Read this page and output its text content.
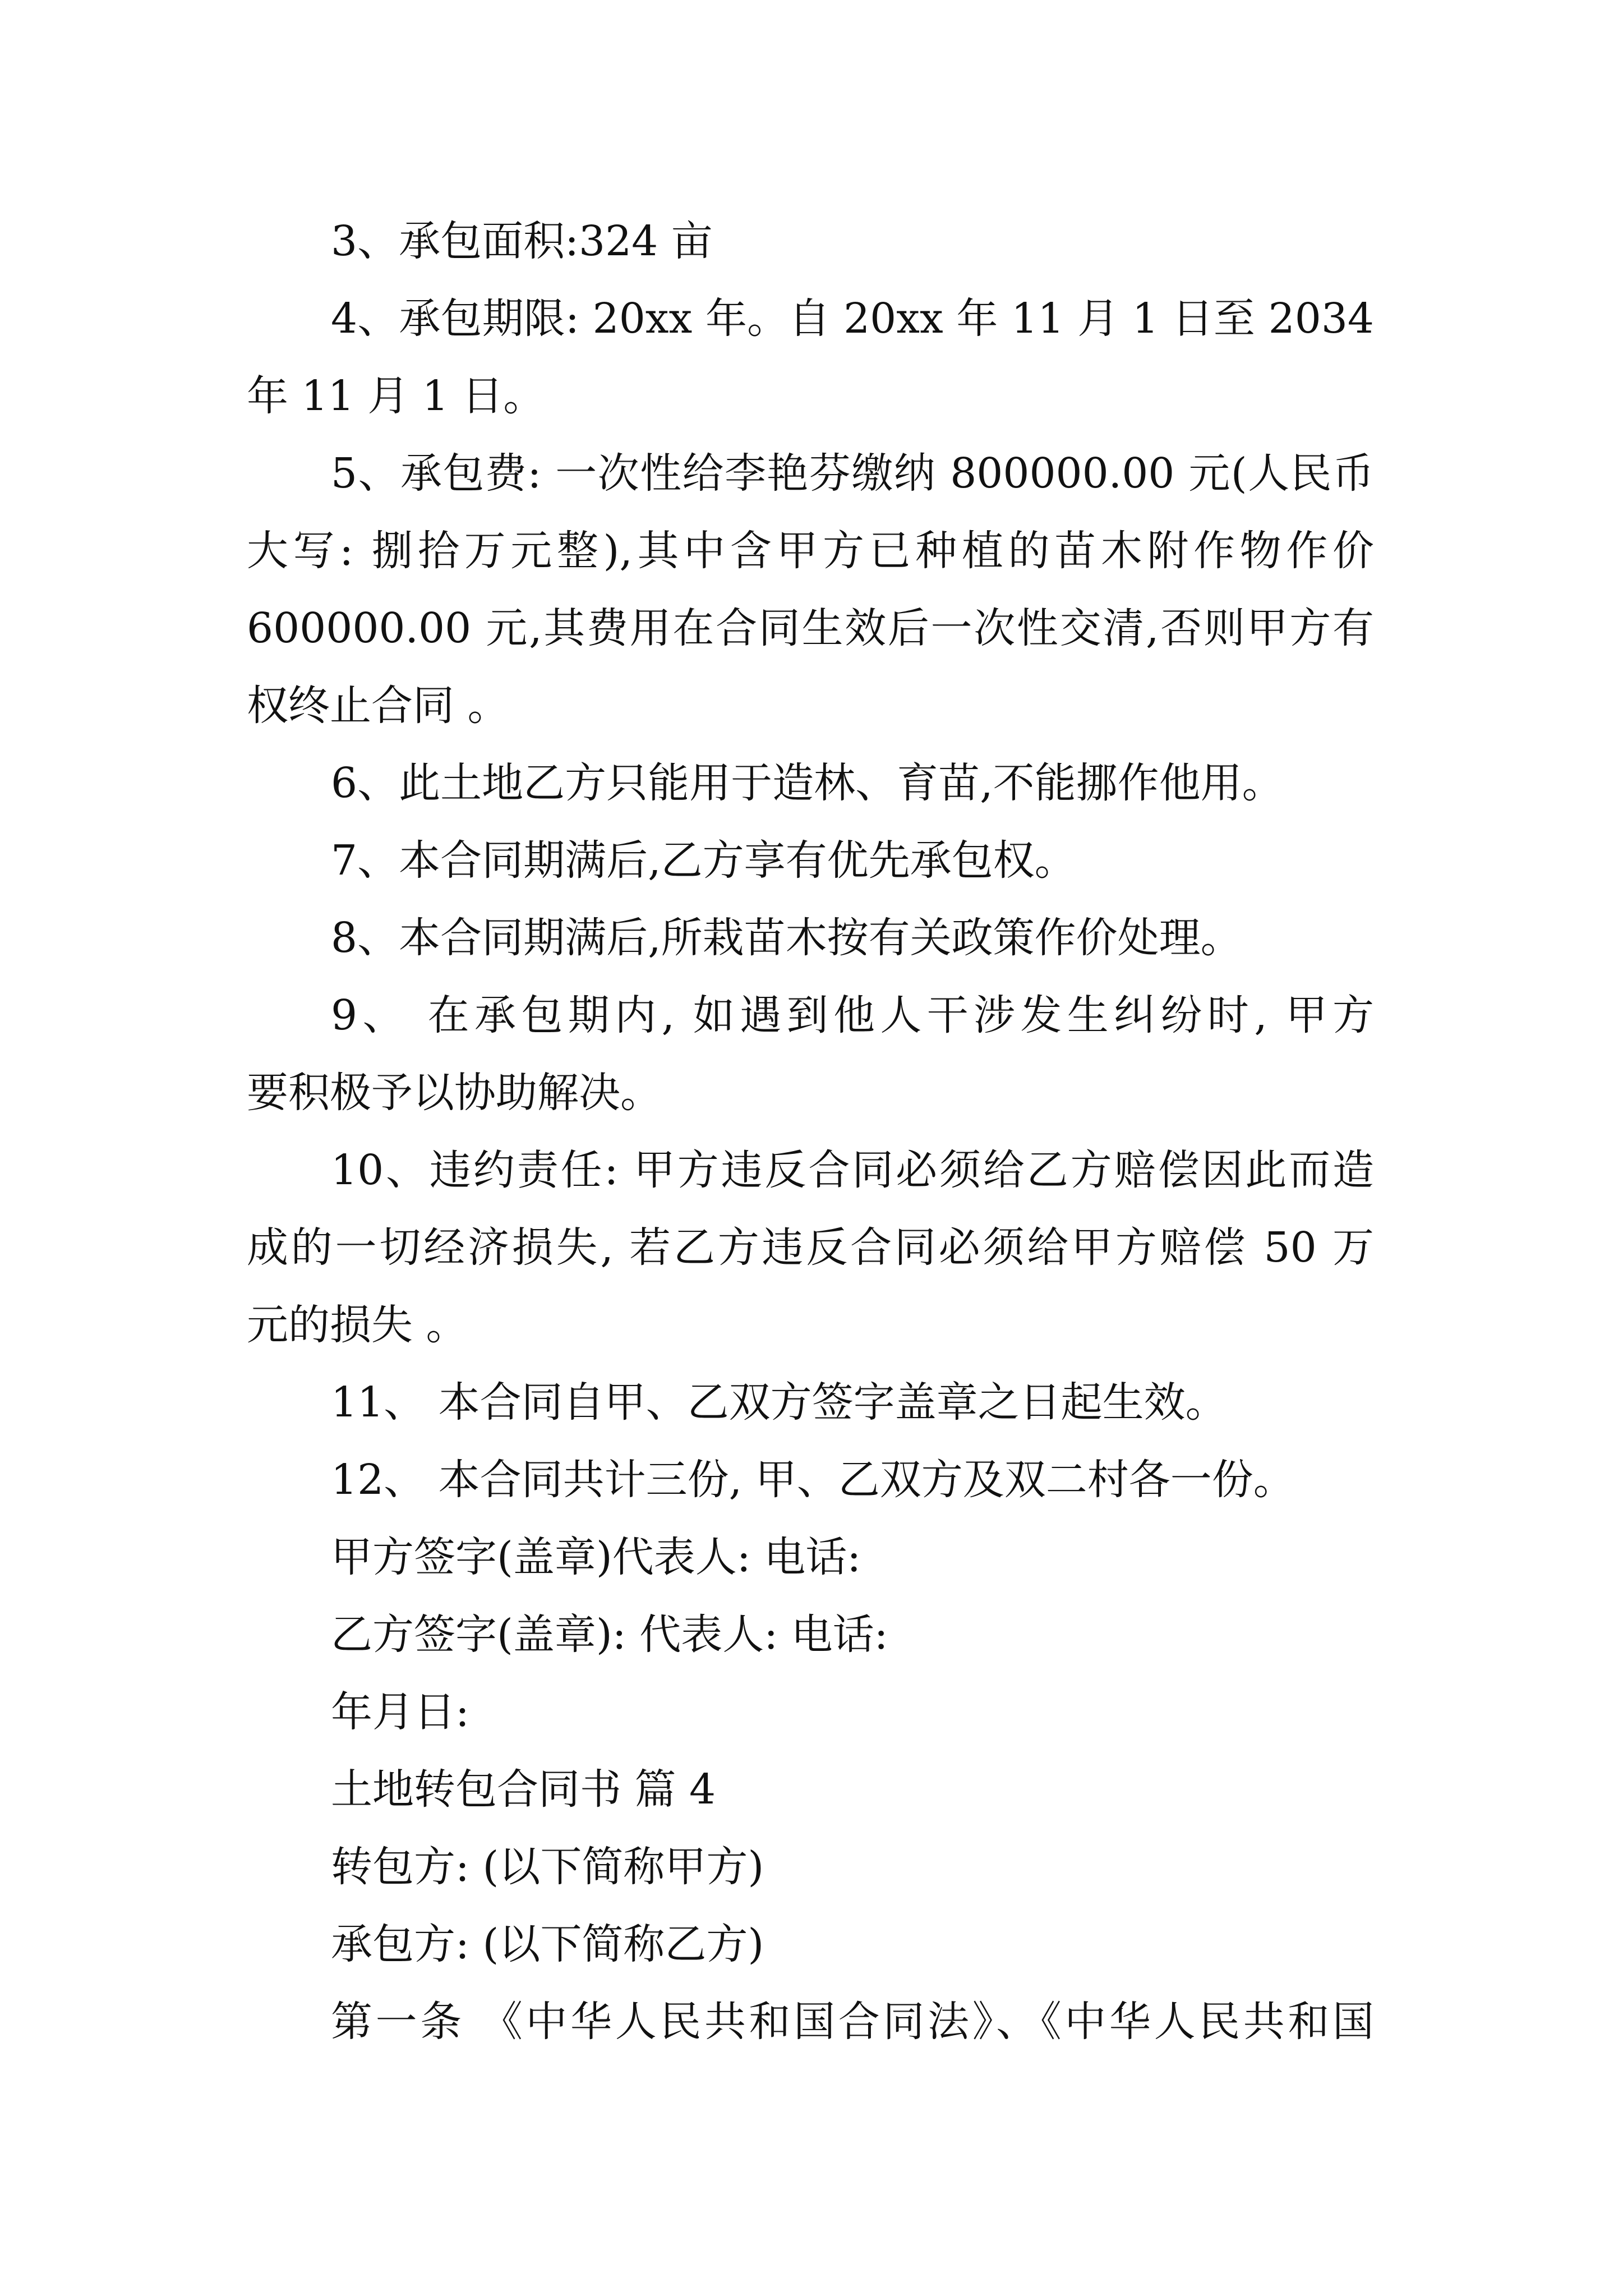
3、承包面积:324 亩
4、承包期限: 20xx 年。自 20xx 年 11 月 1 日至 2034
年 11 月 1 日。
5、承包费: 一次性给李艳芬缴纳 800000.00 元(人民币
大写: 捌拾万元整),其中含甲方已种植的苗木附作物作价
600000.00 元,其费用在合同生效后一次性交清,否则甲方有
权终止合同 。
6、此土地乙方只能用于造林、育苗,不能挪作他用。
7、本合同期满后,乙方享有优先承包权。
8、本合同期满后,所栽苗木按有关政策作价处理。
9、 在承包期内, 如遇到他人干涉发生纠纷时, 甲方
要积极予以协助解决。
10、违约责任: 甲方违反合同必须给乙方赔偿因此而造
成的一切经济损失, 若乙方违反合同必须给甲方赔偿 50 万
元的损失 。
11、 本合同自甲、乙双方签字盖章之日起生效。
12、 本合同共计三份, 甲、乙双方及双二村各一份。
甲方签字(盖章)代表人: 电话:
乙方签字(盖章): 代表人: 电话:
年月日:
土地转包合同书 篇 4
转包方: (以下简称甲方)
承包方: (以下简称乙方)
第一条 《中华人民共和国合同法》、《中华人民共和国
